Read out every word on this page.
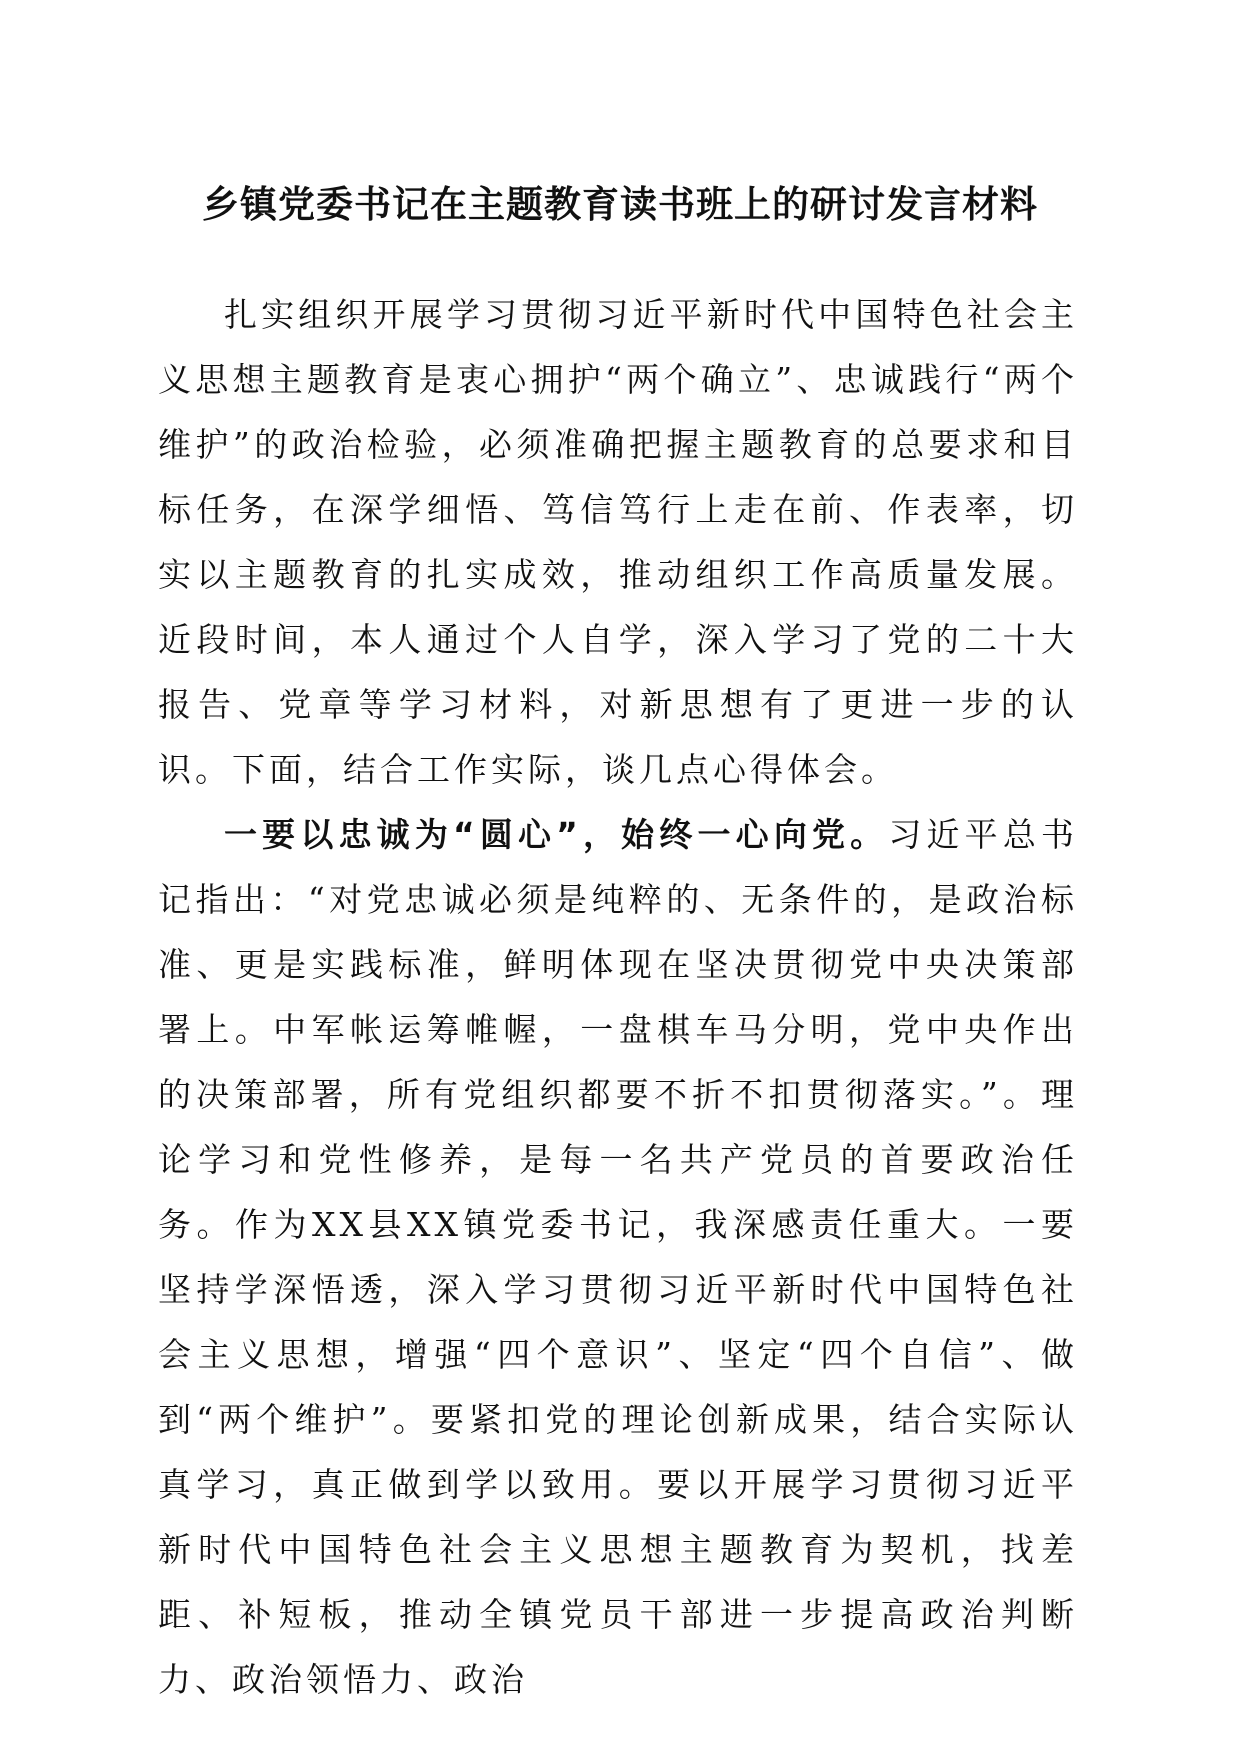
乡镇党委书记在主题教育读书班上的研讨发言材料

扎实组织开展学习贯彻习近平新时代中国特色社会主义思想主题教育是衷心拥护“两个确立”、忠诚践行“两个维护”的政治检验，必须准确把握主题教育的总要求和目标任务，在深学细悟、笃信笃行上走在前、作表率，切实以主题教育的扎实成效，推动组织工作高质量发展。近段时间，本人通过个人自学，深入学习了党的二十大报告、党章等学习材料，对新思想有了更进一步的认识。下面，结合工作实际，谈几点心得体会。

一要以忠诚为“圆心”，始终一心向党。习近平总书记指出：“对党忠诚必须是纯粹的、无条件的，是政治标准、更是实践标准，鲜明体现在坚决贯彻党中央决策部署上。中军帐运筹帷幄，一盘棋车马分明，党中央作出的决策部署，所有党组织都要不折不扣贯彻落实。”。理论学习和党性修养，是每一名共产党员的首要政治任务。作为XX县XX镇党委书记，我深感责任重大。一要坚持学深悟透，深入学习贯彻习近平新时代中国特色社会主义思想，增强“四个意识”、坚定“四个自信”、做到“两个维护”。要紧扣党的理论创新成果，结合实际认真学习，真正做到学以致用。要以开展学习贯彻习近平新时代中国特色社会主义思想主题教育为契机，找差距、补短板，推动全镇党员干部进一步提高政治判断力、政治领悟力、政治
